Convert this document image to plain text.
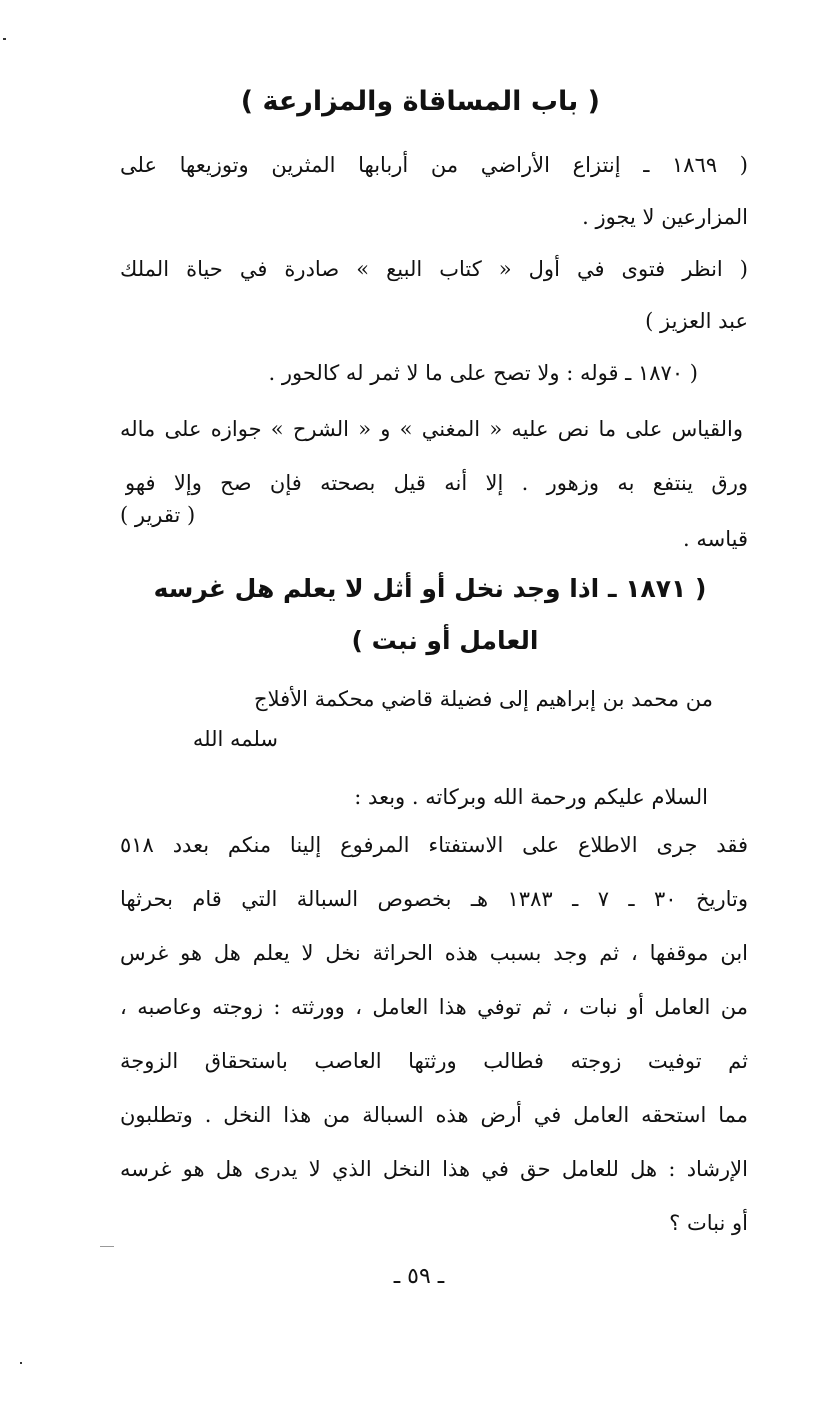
( باب المساقاة والمزارعة )
( ١٨٦٩ ـ إنتزاع الأراضي من أربابها المثرين وتوزيعها على
المزارعين لا يجوز .
( انظر فتوى في أول « كتاب البيع » صادرة في حياة الملك
عبد العزيز )
( ١٨٧٠ ـ قوله : ولا تصح على ما لا ثمر له كالحور .
والقياس على ما نص عليه « المغني » و « الشرح » جوازه على ماله
ورق ينتفع به وزهور . إلا أنه قيل بصحته فإن صح وإلا فهو
( تقرير )
قياسه .
( ١٨٧١ ـ اذا وجد نخل أو أثل لا يعلم هل غرسه
العامل أو نبت )
من محمد بن إبراهيم إلى فضيلة قاضي محكمة الأفلاج
سلمه الله
السلام عليكم ورحمة الله وبركاته . وبعد :
فقد جرى الاطلاع على الاستفتاء المرفوع إلينا منكم بعدد ٥١٨
وتاريخ ٣٠ ـ ٧ ـ ١٣٨٣ هـ بخصوص السبالة التي قام بحرثها
ابن موقفها ، ثم وجد بسبب هذه الحراثة نخل لا يعلم هل هو غرس
من العامل أو نبات ، ثم توفي هذا العامل ، وورثته : زوجته وعاصبه ،
ثم توفيت زوجته فطالب ورثتها العاصب باستحقاق الزوجة
مما استحقه العامل في أرض هذه السبالة من هذا النخل . وتطلبون
الإرشاد : هل للعامل حق في هذا النخل الذي لا يدرى هل هو غرسه
أو نبات ؟
ـ ٥٩ ـ
